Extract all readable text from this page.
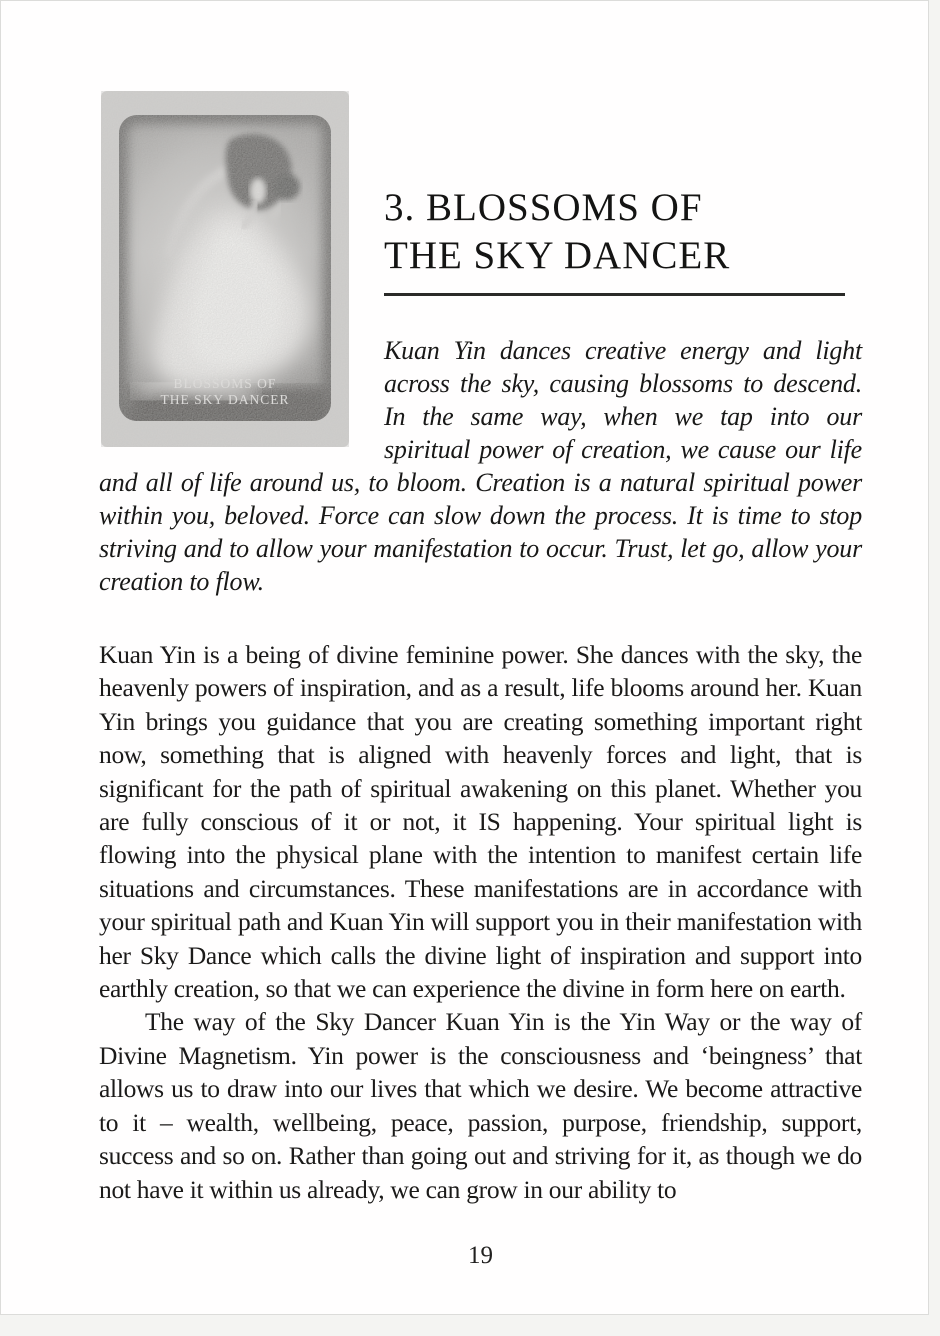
3. BLOSSOMS OF
THE SKY DANCER

Kuan Yin dances creative energy and light across the sky, causing blossoms to descend. In the same way, when we tap into our spiritual power of creation, we cause our life and all of life around us, to bloom. Creation is a natural spiritual power within you, beloved. Force can slow down the process. It is time to stop striving and to allow your manifestation to occur. Trust, let go, allow your creation to flow.

Kuan Yin is a being of divine feminine power. She dances with the sky, the heavenly powers of inspiration, and as a result, life blooms around her. Kuan Yin brings you guidance that you are creating something important right now, something that is aligned with heavenly forces and light, that is significant for the path of spiritual awakening on this planet. Whether you are fully conscious of it or not, it IS happening. Your spiritual light is flowing into the physical plane with the intention to manifest certain life situations and circumstances. These manifestations are in accordance with your spiritual path and Kuan Yin will support you in their manifestation with her Sky Dance which calls the divine light of inspiration and support into earthly creation, so that we can experience the divine in form here on earth.

The way of the Sky Dancer Kuan Yin is the Yin Way or the way of Divine Magnetism. Yin power is the consciousness and ‘beingness’ that allows us to draw into our lives that which we desire. We become attractive to it – wealth, wellbeing, peace, passion, purpose, friendship, support, success and so on. Rather than going out and striving for it, as though we do not have it within us already, we can grow in our ability to

19
